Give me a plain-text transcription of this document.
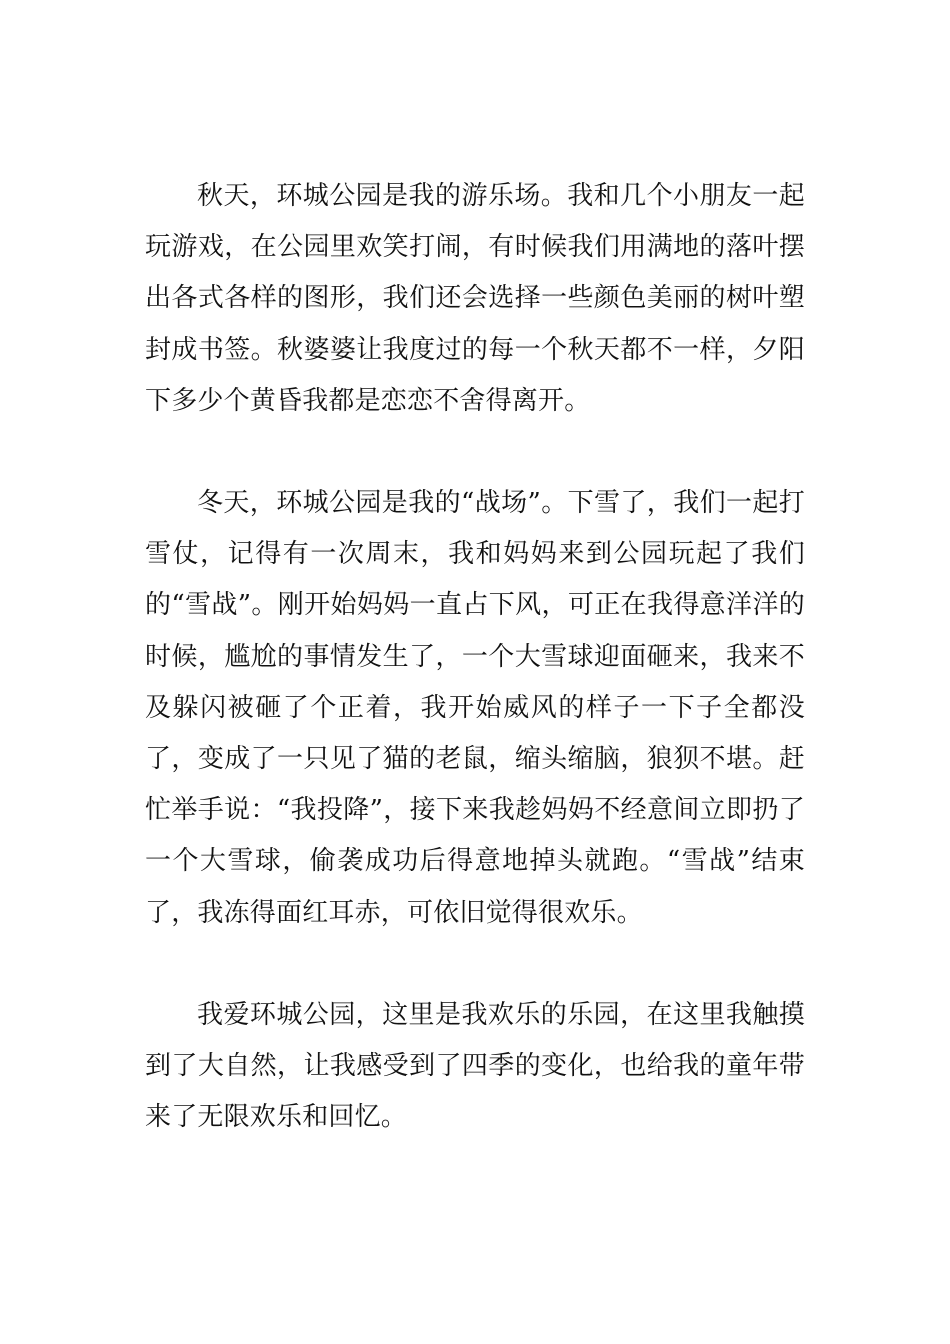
秋天，环城公园是我的游乐场。我和几个小朋友一起玩游戏，在公园里欢笑打闹，有时候我们用满地的落叶摆出各式各样的图形，我们还会选择一些颜色美丽的树叶塑封成书签。秋婆婆让我度过的每一个秋天都不一样，夕阳下多少个黄昏我都是恋恋不舍得离开。

冬天，环城公园是我的“战场”。下雪了，我们一起打雪仗，记得有一次周末，我和妈妈来到公园玩起了我们的“雪战”。刚开始妈妈一直占下风，可正在我得意洋洋的时候，尴尬的事情发生了，一个大雪球迎面砸来，我来不及躲闪被砸了个正着，我开始威风的样子一下子全都没了，变成了一只见了猫的老鼠，缩头缩脑，狼狈不堪。赶忙举手说：“我投降”，接下来我趁妈妈不经意间立即扔了一个大雪球，偷袭成功后得意地掉头就跑。“雪战”结束了，我冻得面红耳赤，可依旧觉得很欢乐。

我爱环城公园，这里是我欢乐的乐园，在这里我触摸到了大自然，让我感受到了四季的变化，也给我的童年带来了无限欢乐和回忆。
